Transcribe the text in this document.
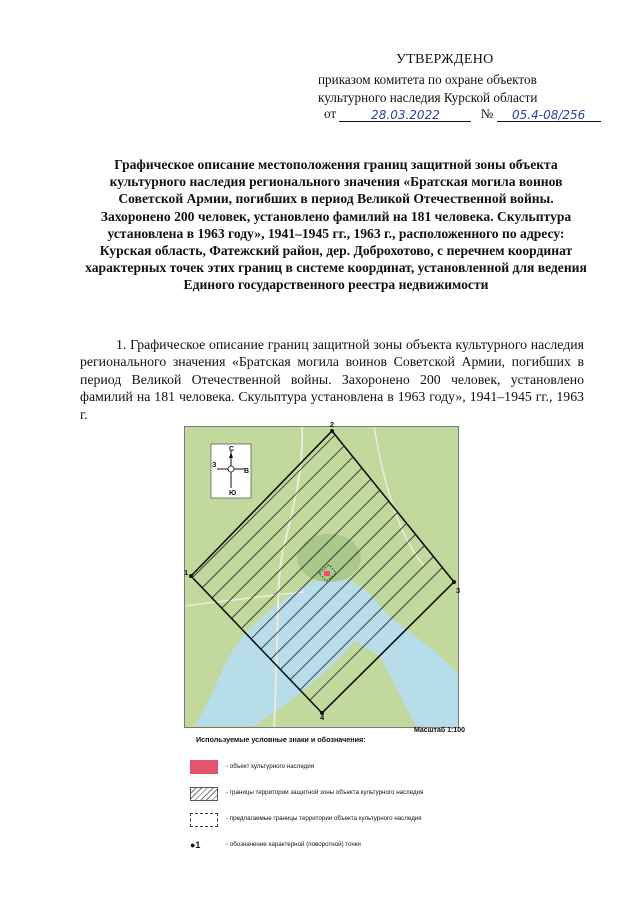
УТВЕРЖДЕНО
приказом комитета по охране объектов
культурного наследия Курской области
от	28.03.2022	№ 05.4-08/256
Графическое описание местоположения границ защитной зоны объекта культурного наследия регионального значения «Братская могила воинов Советской Армии, погибших в период Великой Отечественной войны. Захоронено 200 человек, установлено фамилий на 181 человека. Скульптура установлена в 1963 году», 1941–1945 гг., 1963 г., расположенного по адресу: Курская область, Фатежский район, дер. Доброхотово, с перечнем координат характерных точек этих границ в системе координат, установленной для ведения Единого государственного реестра недвижимости
1. Графическое описание границ защитной зоны объекта культурного наследия регионального значения «Братская могила воинов Советской Армии, погибших в период Великой Отечественной войны. Захоронено 200 человек, установлено фамилий на 181 человека. Скульптура установлена в 1963 году», 1941–1945 гг., 1963 г.
С
Ю
З
В
1
2
3
4
Масштаб 1:100
Используемые условные знаки и обозначения:
- объект культурного наследия
- границы территории защитной зоны объекта культурного наследия
- предлагаемые границы территории объекта культурного наследия
●1	- обозначение характерной (поворотной) точки
